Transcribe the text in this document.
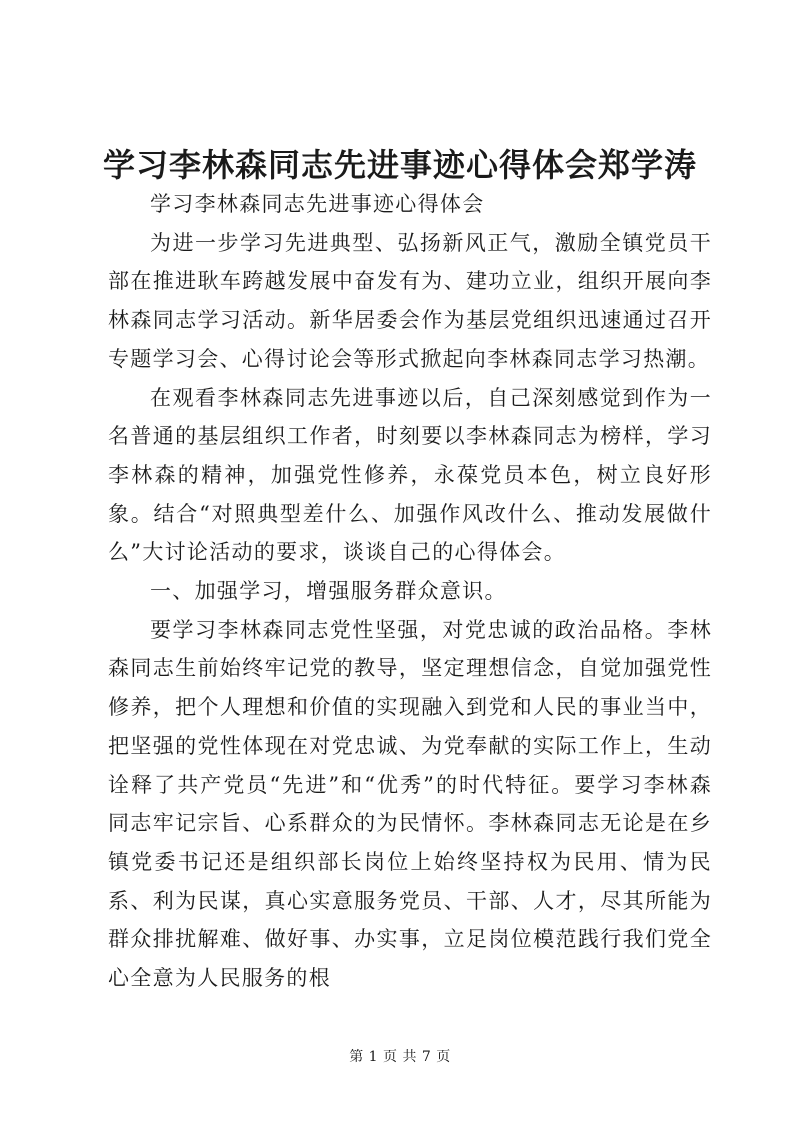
学习李林森同志先进事迹心得体会郑学涛

学习李林森同志先进事迹心得体会

为进一步学习先进典型、弘扬新风正气，激励全镇党员干部在推进耿车跨越发展中奋发有为、建功立业，组织开展向李林森同志学习活动。新华居委会作为基层党组织迅速通过召开专题学习会、心得讨论会等形式掀起向李林森同志学习热潮。

在观看李林森同志先进事迹以后，自己深刻感觉到作为一名普通的基层组织工作者，时刻要以李林森同志为榜样，学习李林森的精神，加强党性修养，永葆党员本色，树立良好形象。结合“对照典型差什么、加强作风改什么、推动发展做什么”大讨论活动的要求，谈谈自己的心得体会。

一、加强学习，增强服务群众意识。

要学习李林森同志党性坚强，对党忠诚的政治品格。李林森同志生前始终牢记党的教导，坚定理想信念，自觉加强党性修养，把个人理想和价值的实现融入到党和人民的事业当中，把坚强的党性体现在对党忠诚、为党奉献的实际工作上，生动诠释了共产党员“先进”和“优秀”的时代特征。要学习李林森同志牢记宗旨、心系群众的为民情怀。李林森同志无论是在乡镇党委书记还是组织部长岗位上始终坚持权为民用、情为民系、利为民谋，真心实意服务党员、干部、人才，尽其所能为群众排扰解难、做好事、办实事，立足岗位模范践行我们党全心全意为人民服务的根

第 1 页 共 7 页
